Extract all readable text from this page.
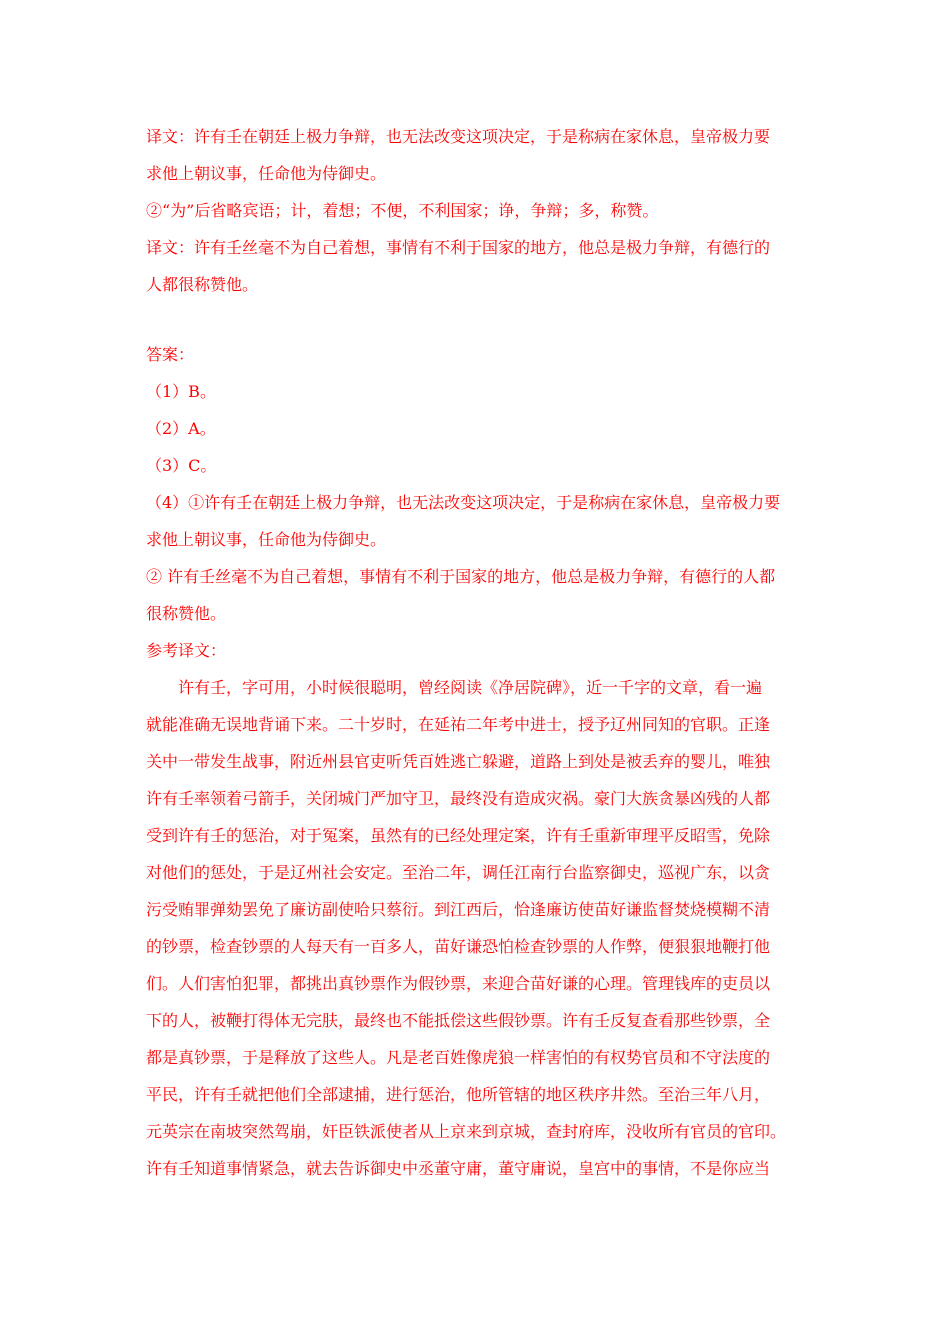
译文：许有壬在朝廷上极力争辩，也无法改变这项决定，于是称病在家休息，皇帝极力要
求他上朝议事，任命他为侍御史。
②“为”后省略宾语；计，着想；不便，不利国家；诤，争辩；多，称赞。
译文：许有壬丝毫不为自己着想，事情有不利于国家的地方，他总是极力争辩，有德行的
人都很称赞他。
答案：
（1）B。
（2）A。
（3）C。
（4）①许有壬在朝廷上极力争辩，也无法改变这项决定，于是称病在家休息，皇帝极力要
求他上朝议事，任命他为侍御史。
② 许有壬丝毫不为自己着想，事情有不利于国家的地方，他总是极力争辩，有德行的人都
很称赞他。
参考译文：
许有壬，字可用，小时候很聪明，曾经阅读《净居院碑》，近一千字的文章，看一遍
就能准确无误地背诵下来。二十岁时，在延祐二年考中进士，授予辽州同知的官职。正逢
关中一带发生战事，附近州县官吏听凭百姓逃亡躲避，道路上到处是被丢弃的婴儿，唯独
许有壬率领着弓箭手，关闭城门严加守卫，最终没有造成灾祸。豪门大族贪暴凶残的人都
受到许有壬的惩治，对于冤案，虽然有的已经处理定案，许有壬重新审理平反昭雪，免除
对他们的惩处，于是辽州社会安定。至治二年，调任江南行台监察御史，巡视广东，以贪
污受贿罪弹劾罢免了廉访副使哈只蔡衍。到江西后，恰逢廉访使苗好谦监督焚烧模糊不清
的钞票，检查钞票的人每天有一百多人，苗好谦恐怕检查钞票的人作弊，便狠狠地鞭打他
们。人们害怕犯罪，都挑出真钞票作为假钞票，来迎合苗好谦的心理。管理钱库的吏员以
下的人，被鞭打得体无完肤，最终也不能抵偿这些假钞票。许有壬反复查看那些钞票，全
都是真钞票，于是释放了这些人。凡是老百姓像虎狼一样害怕的有权势官员和不守法度的
平民，许有壬就把他们全部逮捕，进行惩治，他所管辖的地区秩序井然。至治三年八月，
元英宗在南坡突然驾崩，奸臣铁派使者从上京来到京城，查封府库，没收所有官员的官印。
许有壬知道事情紧急，就去告诉御史中丞董守庸，董守庸说，皇宫中的事情，不是你应当
